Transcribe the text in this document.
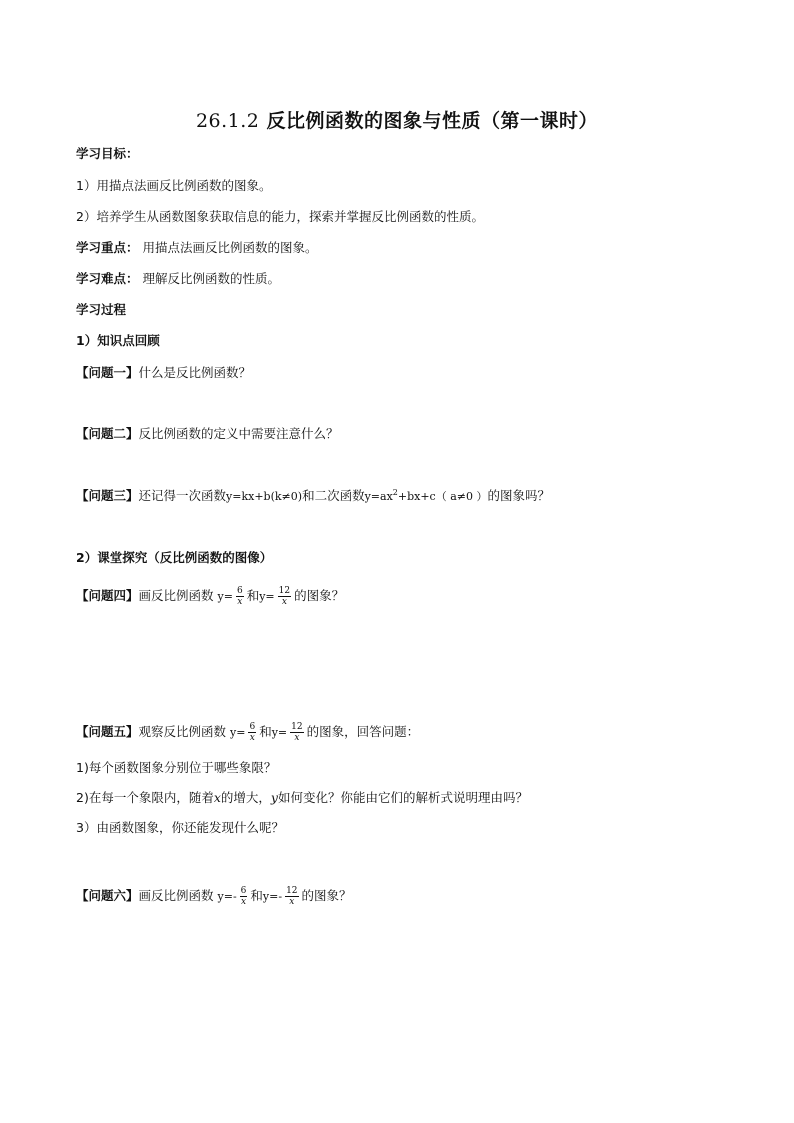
26.1.2 反比例函数的图象与性质（第一课时）
学习目标：
1）用描点法画反比例函数的图象。
2）培养学生从函数图象获取信息的能力，探索并掌握反比例函数的性质。
学习重点： 用描点法画反比例函数的图象。
学习难点： 理解反比例函数的性质。
学习过程
1）知识点回顾
【问题一】什么是反比例函数？
【问题二】反比例函数的定义中需要注意什么？
【问题三】还记得一次函数y=kx+b(k≠0)和二次函数$y=ax^2+bx+c$（ a≠0 ）的图象吗？
2）课堂探究（反比例函数的图像）
【问题四】画反比例函数 $y= \frac{6}{x}$ 和$y= \frac{12}{x}$ 的图象？
【问题五】观察反比例函数 $y= \frac{6}{x}$ 和$y= \frac{12}{x}$ 的图象，回答问题：
1)每个函数图象分别位于哪些象限？
2)在每一个象限内，随着x的增大，y如何变化？你能由它们的解析式说明理由吗？
3）由函数图象，你还能发现什么呢？
【问题六】画反比例函数 $y=- \frac{6}{x}$ 和$y=- \frac{12}{x}$ 的图象？
